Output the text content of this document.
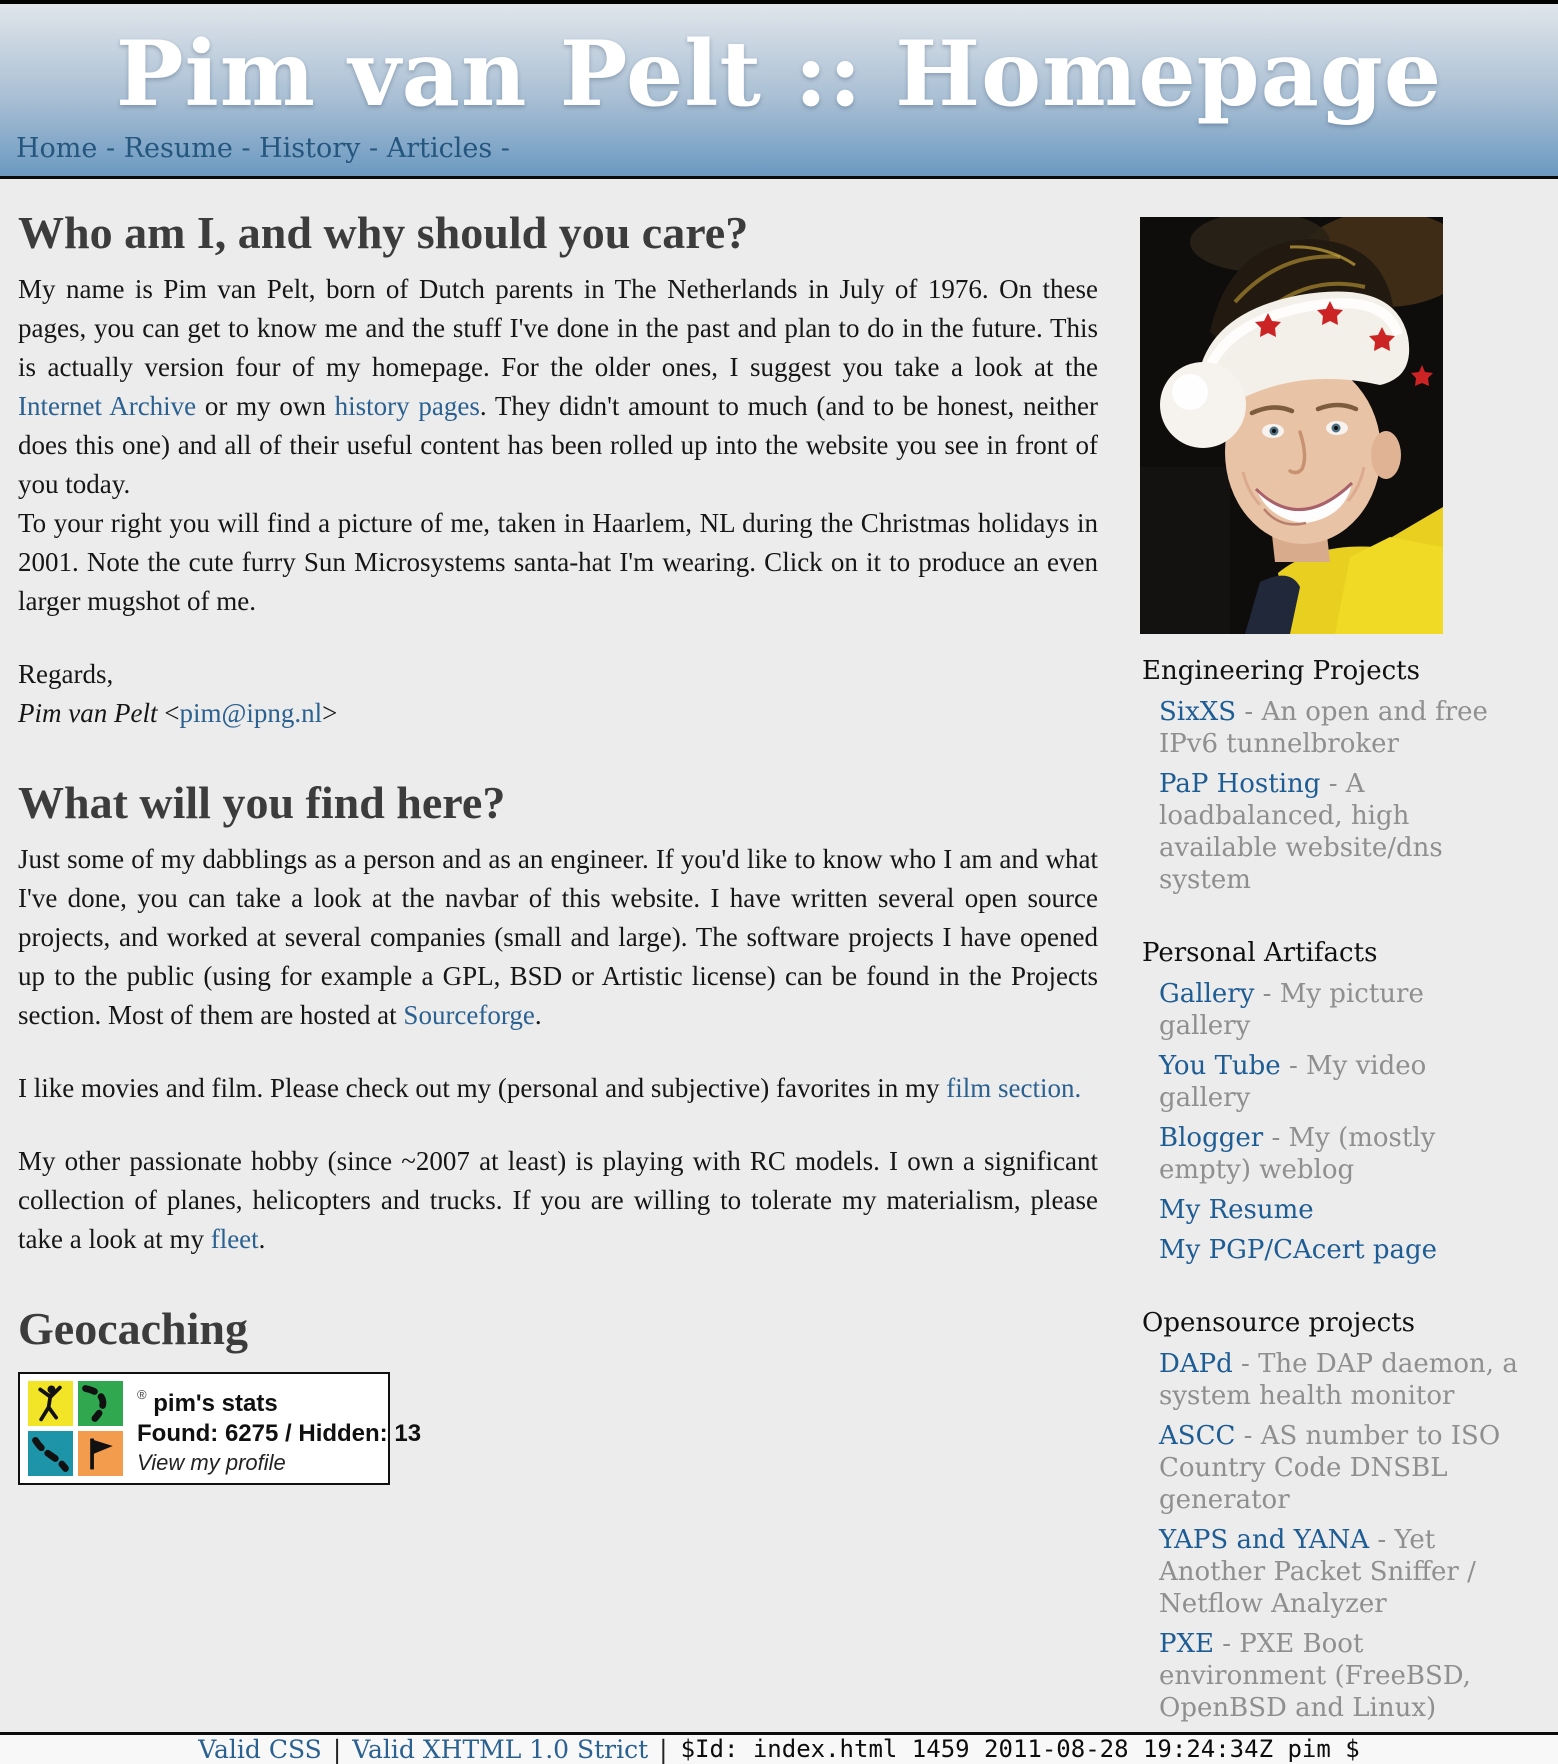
Pim van Pelt :: Homepage
Home - Resume - History - Articles -
Who am I, and why should you care?

My name is Pim van Pelt, born of Dutch parents in The Netherlands in July of 1976. On these pages, you can get to know me and the stuff I've done in the past and plan to do in the future. This is actually version four of my homepage. For the older ones, I suggest you take a look at the Internet Archive or my own history pages. They didn't amount to much (and to be honest, neither does this one) and all of their useful content has been rolled up into the website you see in front of you today.
To your right you will find a picture of me, taken in Haarlem, NL during the Christmas holidays in 2001. Note the cute furry Sun Microsystems santa-hat I'm wearing. Click on it to produce an even larger mugshot of me.

Regards,
Pim van Pelt <pim@ipng.nl>

What will you find here?

Just some of my dabblings as a person and as an engineer. If you'd like to know who I am and what I've done, you can take a look at the navbar of this website. I have written several open source projects, and worked at several companies (small and large). The software projects I have opened up to the public (using for example a GPL, BSD or Artistic license) can be found in the Projects section. Most of them are hosted at Sourceforge.

I like movies and film. Please check out my (personal and subjective) favorites in my film section.

My other passionate hobby (since ~2007 at least) is playing with RC models. I own a significant collection of planes, helicopters and trucks. If you are willing to tolerate my materialism, please take a look at my fleet.

Geocaching
® pim's stats
Found: 6275 / Hidden: 13
View my profile
Engineering Projects
SixXS - An open and free IPv6 tunnelbroker
PaP Hosting - A loadbalanced, high available website/dns system
Personal Artifacts
Gallery - My picture gallery
You Tube - My video gallery
Blogger - My (mostly empty) weblog
My Resume
My PGP/CAcert page
Opensource projects
DAPd - The DAP daemon, a system health monitor
ASCC - AS number to ISO Country Code DNSBL generator
YAPS and YANA - Yet Another Packet Sniffer / Netflow Analyzer
PXE - PXE Boot environment (FreeBSD, OpenBSD and Linux)
Valid CSS | Valid XHTML 1.0 Strict | $Id: index.html 1459 2011-08-28 19:24:34Z pim $
